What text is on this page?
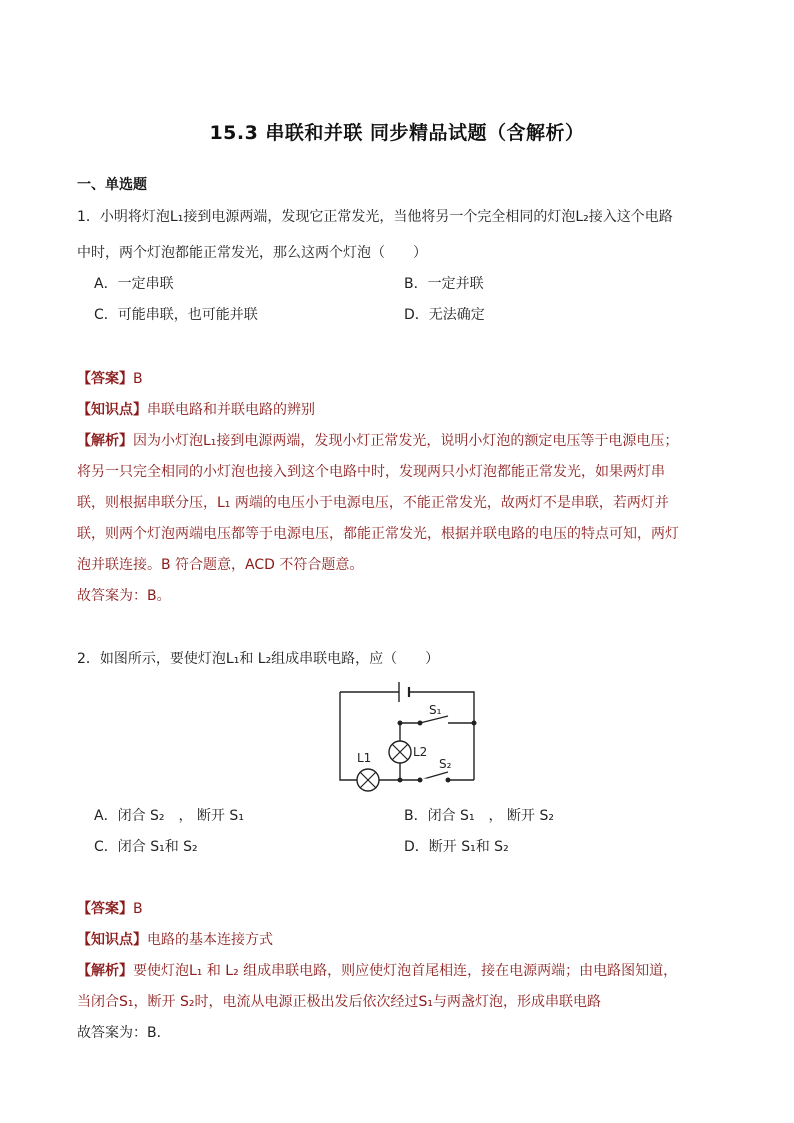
15.3 串联和并联 同步精品试题（含解析）
一、单选题
1．小明将灯泡L₁接到电源两端，发现它正常发光，当他将另一个完全相同的灯泡L₂接入这个电路
中时，两个灯泡都能正常发光，那么这两个灯泡（　　）
A．一定串联	B．一定并联
C．可能串联，也可能并联	D．无法确定
【答案】B
【知识点】串联电路和并联电路的辨别
【解析】因为小灯泡L₁接到电源两端，发现小灯正常发光，说明小灯泡的额定电压等于电源电压；
将另一只完全相同的小灯泡也接入到这个电路中时，发现两只小灯泡都能正常发光，如果两灯串
联，则根据串联分压，L₁ 两端的电压小于电源电压，不能正常发光，故两灯不是串联，若两灯并
联，则两个灯泡两端电压都等于电源电压，都能正常发光，根据并联电路的电压的特点可知，两灯
泡并联连接。B 符合题意，ACD 不符合题意。
故答案为：B。
2．如图所示，要使灯泡L₁和 L₂组成串联电路，应（　　）
S₁
S₂
L1	L2
A．闭合 S₂　， 断开 S₁	B．闭合 S₁　， 断开 S₂
C．闭合 S₁和 S₂	D．断开 S₁和 S₂
【答案】B
【知识点】电路的基本连接方式
【解析】要使灯泡L₁ 和 L₂ 组成串联电路，则应使灯泡首尾相连，接在电源两端；由电路图知道，
当闭合S₁，断开 S₂时，电流从电源正极出发后依次经过S₁与两盏灯泡，形成串联电路
故答案为：B．
